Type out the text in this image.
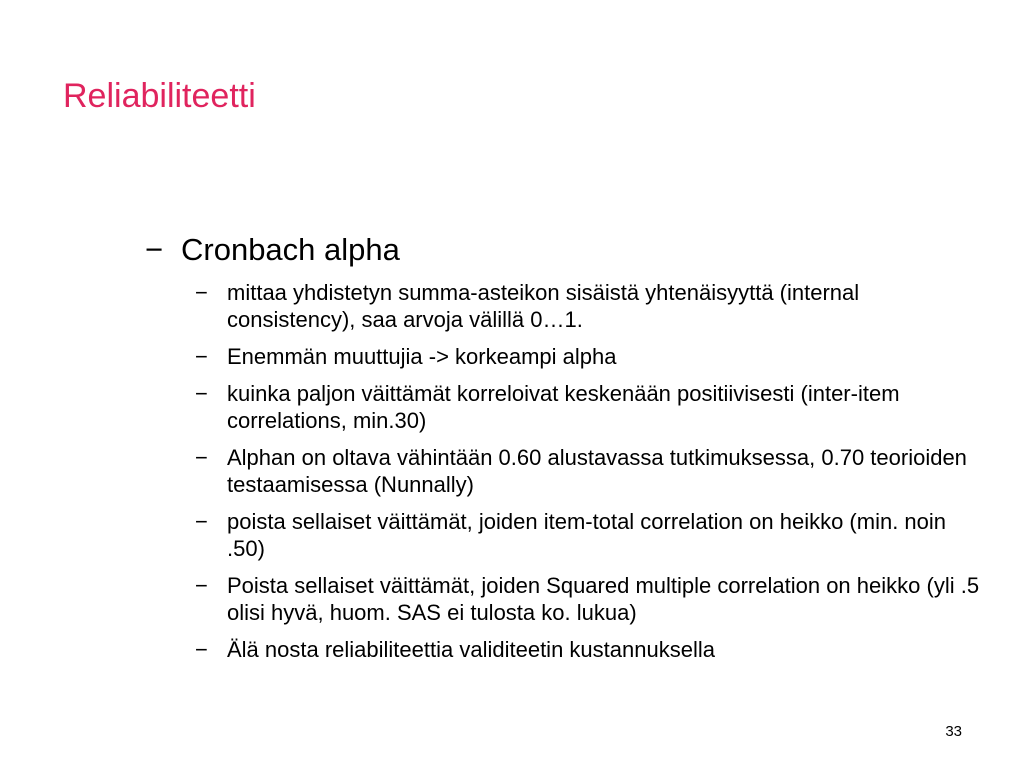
Reliabiliteetti
− Cronbach alpha
− mittaa yhdistetyn summa-asteikon sisäistä yhtenäisyyttä (internal consistency), saa arvoja välillä 0…1.
− Enemmän muuttujia -> korkeampi alpha
− kuinka paljon väittämät korreloivat keskenään positiivisesti (inter-item correlations, min.30)
− Alphan on oltava vähintään 0.60 alustavassa tutkimuksessa, 0.70 teorioiden testaamisessa (Nunnally)
− poista sellaiset väittämät, joiden item-total correlation on heikko (min. noin .50)
− Poista sellaiset väittämät, joiden Squared multiple correlation on heikko (yli .5 olisi hyvä, huom. SAS ei tulosta ko. lukua)
− Älä nosta reliabiliteettia validiteetin kustannuksella
33
